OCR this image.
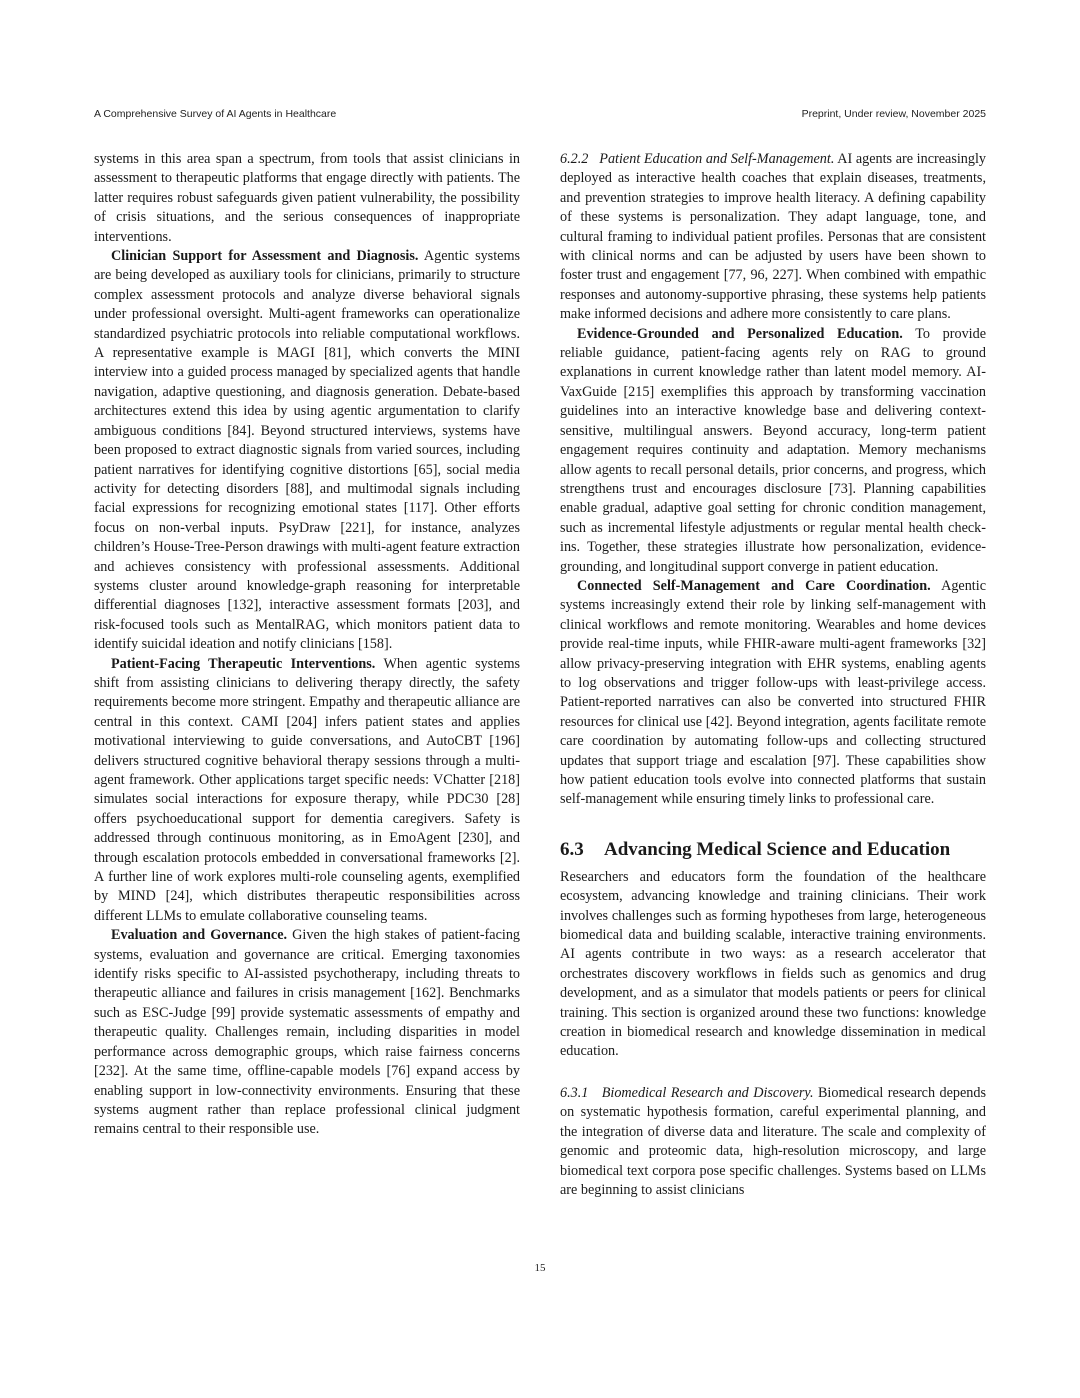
A Comprehensive Survey of AI Agents in Healthcare	Preprint, Under review, November 2025

systems in this area span a spectrum, from tools that assist clinicians in assessment to therapeutic platforms that engage directly with patients. The latter requires robust safeguards given patient vulnerability, the possibility of crisis situations, and the serious consequences of inappropriate interventions.

Clinician Support for Assessment and Diagnosis. Agentic systems are being developed as auxiliary tools for clinicians, primarily to structure complex assessment protocols and analyze diverse behavioral signals under professional oversight. Multi-agent frameworks can operationalize standardized psychiatric protocols into reliable computational workflows. A representative example is MAGI [81], which converts the MINI interview into a guided process managed by specialized agents that handle navigation, adaptive questioning, and diagnosis generation. Debate-based architectures extend this idea by using agentic argumentation to clarify ambiguous conditions [84]. Beyond structured interviews, systems have been proposed to extract diagnostic signals from varied sources, including patient narratives for identifying cognitive distortions [65], social media activity for detecting disorders [88], and multimodal signals including facial expressions for recognizing emotional states [117]. Other efforts focus on non-verbal inputs. PsyDraw [221], for instance, analyzes children’s House-Tree-Person drawings with multi-agent feature extraction and achieves consistency with professional assessments. Additional systems cluster around knowledge-graph reasoning for interpretable differential diagnoses [132], interactive assessment formats [203], and risk-focused tools such as MentalRAG, which monitors patient data to identify suicidal ideation and notify clinicians [158].

Patient-Facing Therapeutic Interventions. When agentic systems shift from assisting clinicians to delivering therapy directly, the safety requirements become more stringent. Empathy and therapeutic alliance are central in this context. CAMI [204] infers patient states and applies motivational interviewing to guide conversations, and AutoCBT [196] delivers structured cognitive behavioral therapy sessions through a multi-agent framework. Other applications target specific needs: VChatter [218] simulates social interactions for exposure therapy, while PDC30 [28] offers psychoeducational support for dementia caregivers. Safety is addressed through continuous monitoring, as in EmoAgent [230], and through escalation protocols embedded in conversational frameworks [2]. A further line of work explores multi-role counseling agents, exemplified by MIND [24], which distributes therapeutic responsibilities across different LLMs to emulate collaborative counseling teams.

Evaluation and Governance. Given the high stakes of patient-facing systems, evaluation and governance are critical. Emerging taxonomies identify risks specific to AI-assisted psychotherapy, including threats to therapeutic alliance and failures in crisis management [162]. Benchmarks such as ESC-Judge [99] provide systematic assessments of empathy and therapeutic quality. Challenges remain, including disparities in model performance across demographic groups, which raise fairness concerns [232]. At the same time, offline-capable models [76] expand access by enabling support in low-connectivity environments. Ensuring that these systems augment rather than replace professional clinical judgment remains central to their responsible use.

6.2.2 Patient Education and Self-Management. AI agents are increasingly deployed as interactive health coaches that explain diseases, treatments, and prevention strategies to improve health literacy. A defining capability of these systems is personalization. They adapt language, tone, and cultural framing to individual patient profiles. Personas that are consistent with clinical norms and can be adjusted by users have been shown to foster trust and engagement [77, 96, 227]. When combined with empathic responses and autonomy-supportive phrasing, these systems help patients make informed decisions and adhere more consistently to care plans.

Evidence-Grounded and Personalized Education. To provide reliable guidance, patient-facing agents rely on RAG to ground explanations in current knowledge rather than latent model memory. AI-VaxGuide [215] exemplifies this approach by transforming vaccination guidelines into an interactive knowledge base and delivering context-sensitive, multilingual answers. Beyond accuracy, long-term patient engagement requires continuity and adaptation. Memory mechanisms allow agents to recall personal details, prior concerns, and progress, which strengthens trust and encourages disclosure [73]. Planning capabilities enable gradual, adaptive goal setting for chronic condition management, such as incremental lifestyle adjustments or regular mental health check-ins. Together, these strategies illustrate how personalization, evidence-grounding, and longitudinal support converge in patient education.

Connected Self-Management and Care Coordination. Agentic systems increasingly extend their role by linking self-management with clinical workflows and remote monitoring. Wearables and home devices provide real-time inputs, while FHIR-aware multi-agent frameworks [32] allow privacy-preserving integration with EHR systems, enabling agents to log observations and trigger follow-ups with least-privilege access. Patient-reported narratives can also be converted into structured FHIR resources for clinical use [42]. Beyond integration, agents facilitate remote care coordination by automating follow-ups and collecting structured updates that support triage and escalation [97]. These capabilities show how patient education tools evolve into connected platforms that sustain self-management while ensuring timely links to professional care.

6.3 Advancing Medical Science and Education

Researchers and educators form the foundation of the healthcare ecosystem, advancing knowledge and training clinicians. Their work involves challenges such as forming hypotheses from large, heterogeneous biomedical data and building scalable, interactive training environments. AI agents contribute in two ways: as a research accelerator that orchestrates discovery workflows in fields such as genomics and drug development, and as a simulator that models patients or peers for clinical training. This section is organized around these two functions: knowledge creation in biomedical research and knowledge dissemination in medical education.

6.3.1 Biomedical Research and Discovery. Biomedical research depends on systematic hypothesis formation, careful experimental planning, and the integration of diverse data and literature. The scale and complexity of genomic and proteomic data, high-resolution microscopy, and large biomedical text corpora pose specific challenges. Systems based on LLMs are beginning to assist clinicians

15
